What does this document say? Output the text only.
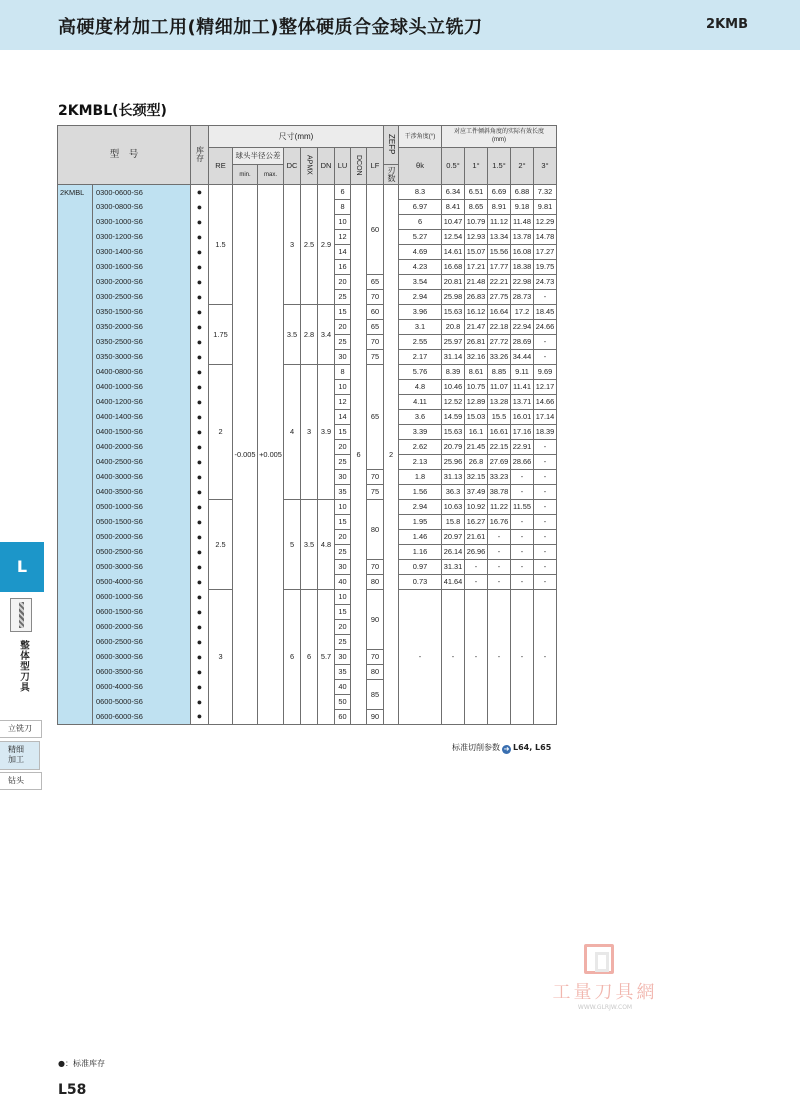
高硬度材加工用(精细加工)整体硬质合金球头立铣刀	2KMB
2KMBL(长颈型)
型　号		库存	尺寸(mm)									ZEFP	干涉角度(°)	对应工件倾斜角度的实际有效长度(mm)				
			RE	球头半径公差		DC	APMX	DN	LU	DCON	LF		θk	0.5°	1°	1.5°	2°	3°
				min.	max.							刃数						
2KMBL	0300-0600-S6	●	1.5	-0.005	+0.005	3	2.5	2.9	6	6	60	2	8.3	6.34	6.51	6.69	6.88	7.32
	0300-0800-S6	●							8				6.97	8.41	8.65	8.91	9.18	9.81
	0300-1000-S6	●							10				6	10.47	10.79	11.12	11.48	12.29
	0300-1200-S6	●							12				5.27	12.54	12.93	13.34	13.78	14.78
	0300-1400-S6	●							14				4.69	14.61	15.07	15.56	16.08	17.27
	0300-1600-S6	●							16				4.23	16.68	17.21	17.77	18.38	19.75
	0300-2000-S6	●							20		65		3.54	20.81	21.48	22.21	22.98	24.73
	0300-2500-S6	●							25		70		2.94	25.98	26.83	27.75	28.73	-
	0350-1500-S6	●	1.75			3.5	2.8	3.4	15		60		3.96	15.63	16.12	16.64	17.2	18.45
	0350-2000-S6	●							20		65		3.1	20.8	21.47	22.18	22.94	24.66
	0350-2500-S6	●							25		70		2.55	25.97	26.81	27.72	28.69	-
	0350-3000-S6	●							30		75		2.17	31.14	32.16	33.26	34.44	-
	0400-0800-S6	●	2			4	3	3.9	8		65		5.76	8.39	8.61	8.85	9.11	9.69
	0400-1000-S6	●							10				4.8	10.46	10.75	11.07	11.41	12.17
	0400-1200-S6	●							12				4.11	12.52	12.89	13.28	13.71	14.66
	0400-1400-S6	●							14				3.6	14.59	15.03	15.5	16.01	17.14
	0400-1500-S6	●							15				3.39	15.63	16.1	16.61	17.16	18.39
	0400-2000-S6	●							20				2.62	20.79	21.45	22.15	22.91	-
	0400-2500-S6	●							25				2.13	25.96	26.8	27.69	28.66	-
	0400-3000-S6	●							30		70		1.8	31.13	32.15	33.23	-	-
	0400-3500-S6	●							35		75		1.56	36.3	37.49	38.78	-	-
	0500-1000-S6	●	2.5			5	3.5	4.8	10		80		2.94	10.63	10.92	11.22	11.55	-
	0500-1500-S6	●							15				1.95	15.8	16.27	16.76	-	-
	0500-2000-S6	●							20				1.46	20.97	21.61	-	-	-
	0500-2500-S6	●							25				1.16	26.14	26.96	-	-	-
	0500-3000-S6	●							30		70		0.97	31.31	-	-	-	-
	0500-4000-S6	●							40		80		0.73	41.64	-	-	-	-
	0600-1000-S6	●	3			6	6	5.7	10		90		-	-	-	-	-	-
	0600-1500-S6	●							15									
	0600-2000-S6	●							20									
	0600-2500-S6	●							25									
	0600-3000-S6	●							30		70							
	0600-3500-S6	●							35		80							
	0600-4000-S6	●							40		85							
	0600-5000-S6	●							50									
	0600-6000-S6	●							60		90							
标准切削参数 ➜ L64, L65
L
整体型刀具
立铣刀
精细加工
钻头
工量刀具網
WWW.GLRJW.COM
●：标准库存
L58
